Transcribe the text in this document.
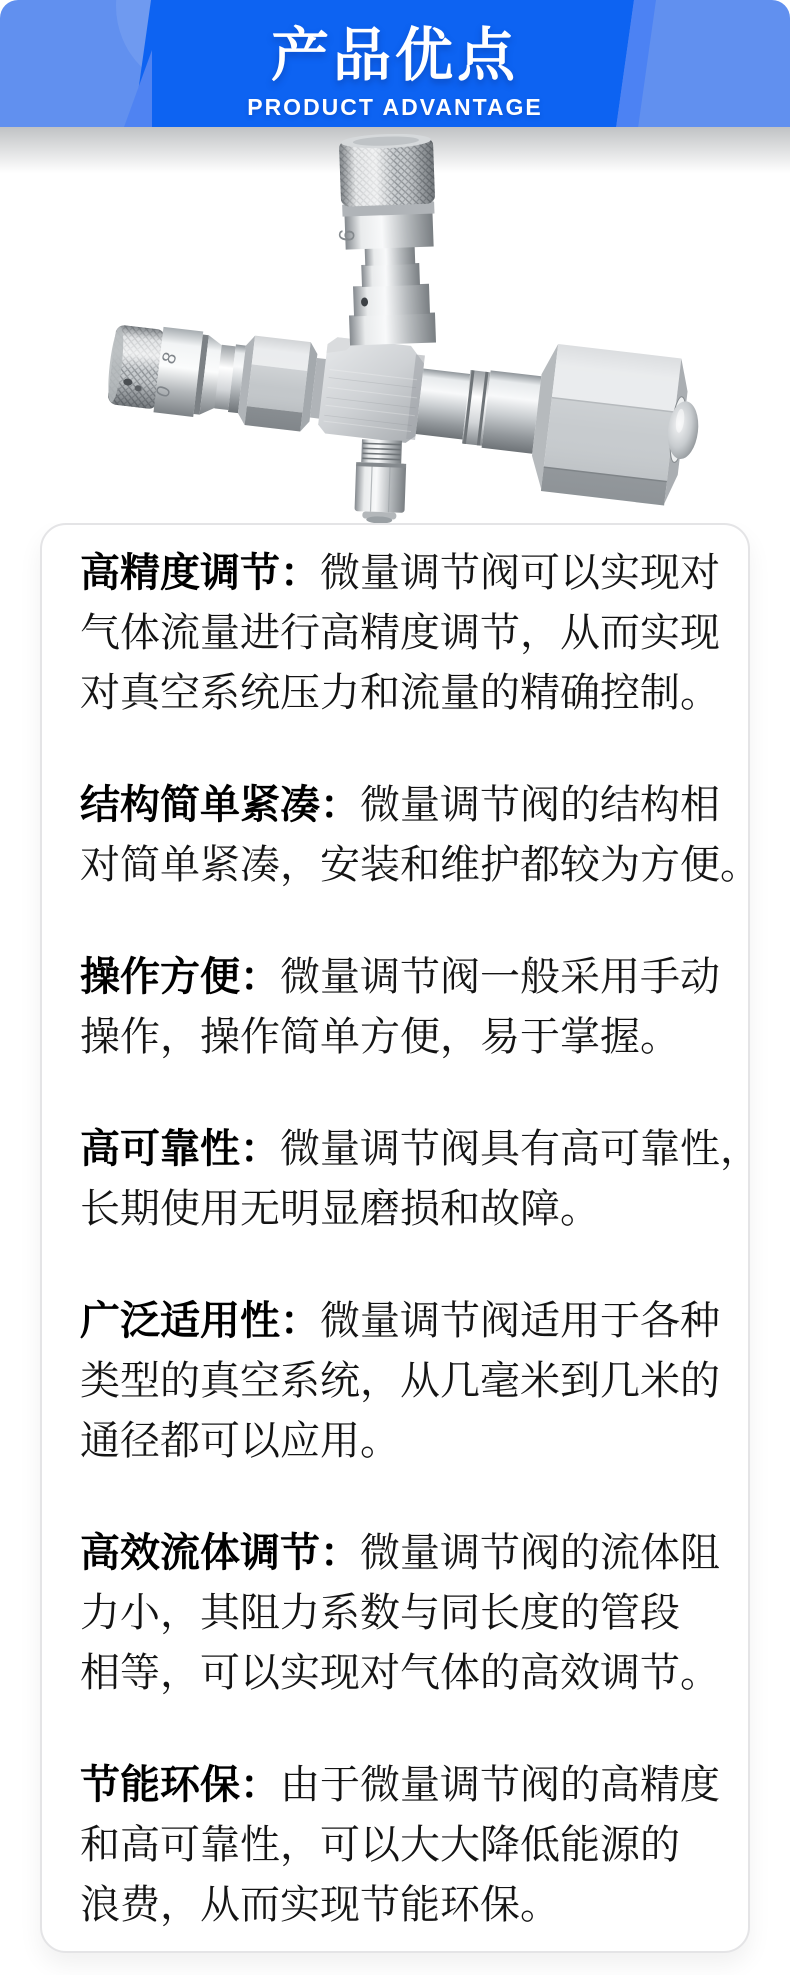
产品优点
PRODUCT ADVANTAGE
8
0
6

高精度调节：微量调节阀可以实现对

气体流量进行高精度调节，从而实现

对真空系统压力和流量的精确控制。

结构简单紧凑：微量调节阀的结构相

对简单紧凑，安装和维护都较为方便。

操作方便：微量调节阀一般采用手动

操作，操作简单方便，易于掌握。

高可靠性：微量调节阀具有高可靠性，

长期使用无明显磨损和故障。

广泛适用性：微量调节阀适用于各种

类型的真空系统，从几毫米到几米的

通径都可以应用。

高效流体调节：微量调节阀的流体阻

力小，其阻力系数与同长度的管段

相等，可以实现对气体的高效调节。

节能环保：由于微量调节阀的高精度

和高可靠性，可以大大降低能源的

浪费，从而实现节能环保。
